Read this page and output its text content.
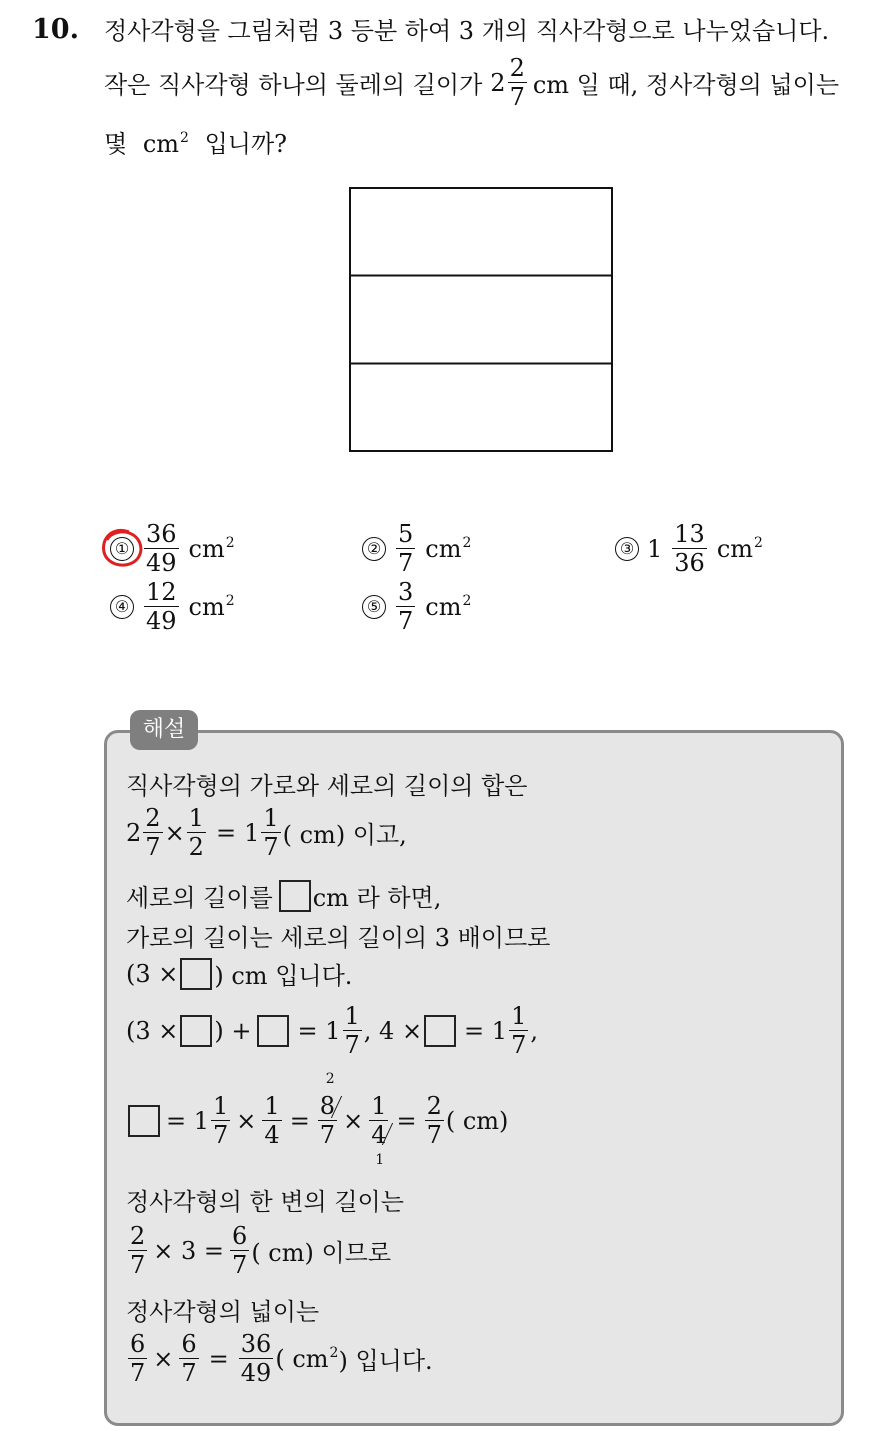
10. 정사각형을 그림처럼 3 등분 하여 3 개의 직사각형으로 나누었습니다.
작은 직사각형 하나의 둘레의 길이가 $2 \frac{2}{7}$ cm 일 때, 정사각형의 넓이는
몇 $cm^2$ 입니까?
① $\frac{36}{49} cm^2$	② $\frac{5}{7} cm^2$	③ $1 \frac{13}{36} cm^2$
④ $\frac{12}{49} cm^2$	⑤ $\frac{3}{7} cm^2$
해설
직사각형의 가로와 세로의 길이의 합은
$2 \frac{2}{7} \times \frac{1}{2} = 1 \frac{1}{7}$ ( cm) 이고,
세로의 길이를 cm 라 하면,
가로의 길이는 세로의 길이의 3 배이므로
(3 × ) cm 입니다.
(3 × ) + = $1 \frac{1}{7}$ , 4 × = $1 \frac{1}{7}$ ,
= $1 \frac{1}{7} \times \frac{1}{4}$ =
2
8
7
×
1
4
1
= $\frac{2}{7}$ ( cm)
정사각형의 한 변의 길이는
$\frac{2}{7} \times 3 = \frac{6}{7}$ ( cm) 이므로
정사각형의 넓이는
$\frac{6}{7} \times \frac{6}{7} = \frac{36}{49}$ ( $cm^2$ ) 입니다.
